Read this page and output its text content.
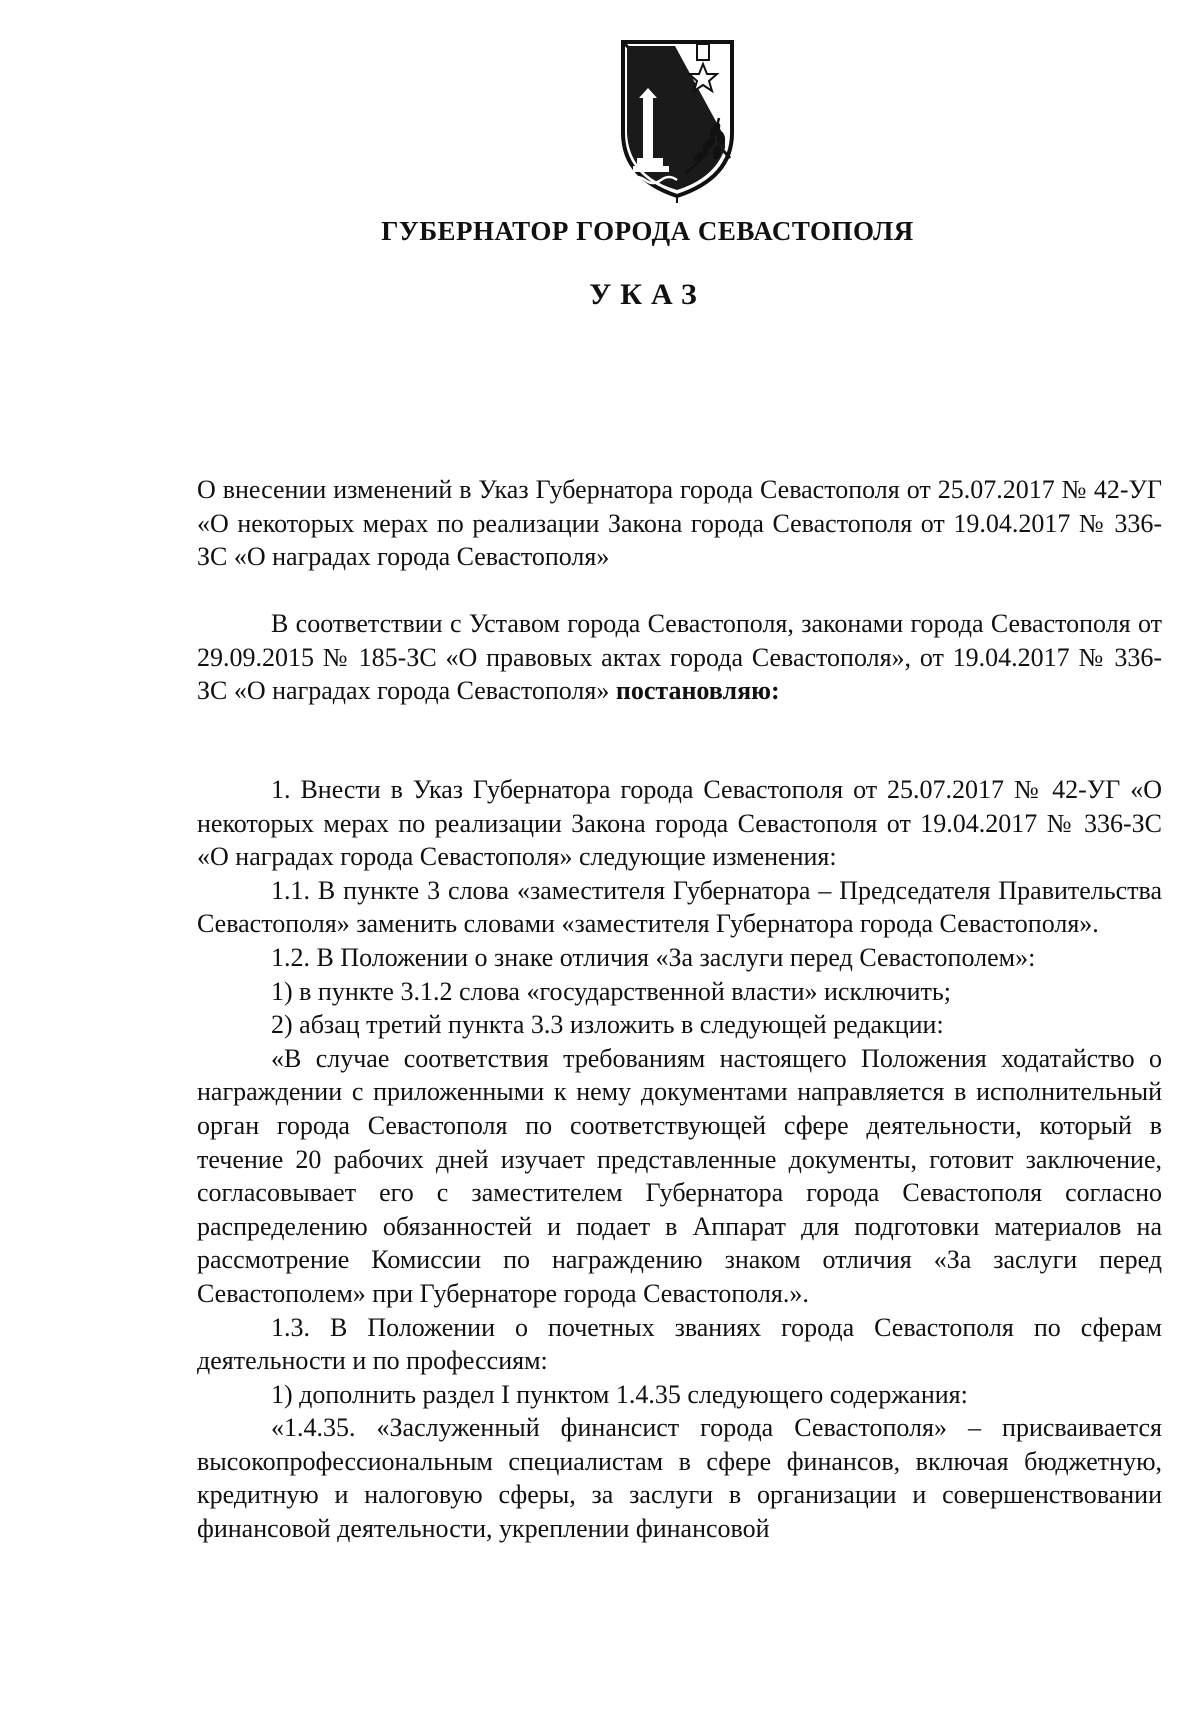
ГУБЕРНАТОР ГОРОДА СЕВАСТОПОЛЯ
УКАЗ

О внесении изменений в Указ Губернатора города Севастополя от 25.07.2017 № 42-УГ «О некоторых мерах по реализации Закона города Севастополя от 19.04.2017 № 336-ЗС «О наградах города Севастополя»

В соответствии с Уставом города Севастополя, законами города Севастополя от 29.09.2015 № 185-ЗС «О правовых актах города Севастополя», от 19.04.2017 № 336-ЗС «О наградах города Севастополя» постановляю:

1. Внести в Указ Губернатора города Севастополя от 25.07.2017 № 42-УГ «О некоторых мерах по реализации Закона города Севастополя от 19.04.2017 № 336-ЗС «О наградах города Севастополя» следующие изменения:

1.1. В пункте 3 слова «заместителя Губернатора – Председателя Правительства Севастополя» заменить словами «заместителя Губернатора города Севастополя».

1.2. В Положении о знаке отличия «За заслуги перед Севастополем»:

1) в пункте 3.1.2 слова «государственной власти» исключить;

2) абзац третий пункта 3.3 изложить в следующей редакции:

«В случае соответствия требованиям настоящего Положения ходатайство о награждении с приложенными к нему документами направляется в исполнительный орган города Севастополя по соответствующей сфере деятельности, который в течение 20 рабочих дней изучает представленные документы, готовит заключение, согласовывает его с заместителем Губернатора города Севастополя согласно распределению обязанностей и подает в Аппарат для подготовки материалов на рассмотрение Комиссии по награждению знаком отличия «За заслуги перед Севастополем» при Губернаторе города Севастополя.».

1.3. В Положении о почетных званиях города Севастополя по сферам деятельности и по профессиям:

1) дополнить раздел I пунктом 1.4.35 следующего содержания:

«1.4.35. «Заслуженный финансист города Севастополя» – присваивается высокопрофессиональным специалистам в сфере финансов, включая бюджетную, кредитную и налоговую сферы, за заслуги в организации и совершенствовании финансовой деятельности, укреплении финансовой
